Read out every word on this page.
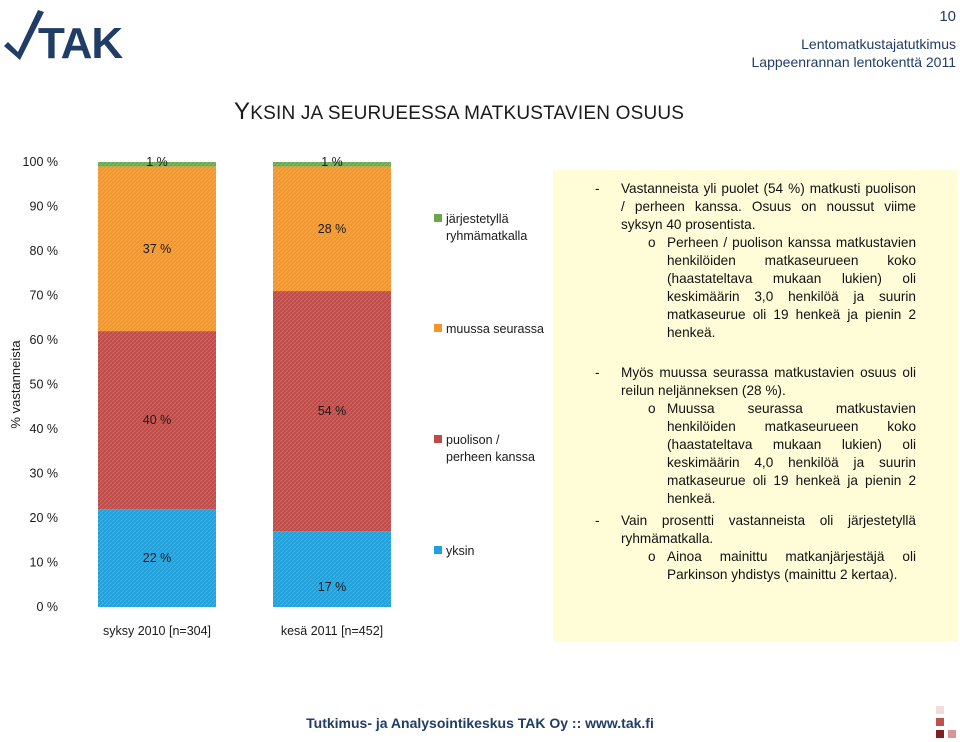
TAK
10
Lentomatkustajatutkimus
Lappeenrannan lentokenttä 2011
YKSIN JA SEURUEESSA MATKUSTAVIEN OSUUS
% vastanneista
0 %
10 %
20 %
30 %
40 %
50 %
60 %
70 %
80 %
90 %
100 %
22 %
40 %
37 %
1 %
syksy 2010 [n=304]
17 %
54 %
28 %
1 %
kesä 2011 [n=452]
järjestetyllä ryhmämatkalla
muussa seurassa
puolison / perheen kanssa
yksin
- Vastanneista yli puolet (54 %) matkusti puolison / perheen kanssa. Osuus on noussut viime syksyn 40 prosentista.
o Perheen / puolison kanssa matkustavien henkilöiden matkaseurueen koko (haastateltava mukaan lukien) oli keskimäärin 3,0 henkilöä ja suurin matkaseurue oli 19 henkeä ja pienin 2 henkeä.
- Myös muussa seurassa matkustavien osuus oli reilun neljänneksen (28 %).
o Muussa seurassa matkustavien henkilöiden matkaseurueen koko (haastateltava mukaan lukien) oli keskimäärin 4,0 henkilöä ja suurin matkaseurue oli 19 henkeä ja pienin 2 henkeä.
- Vain prosentti vastanneista oli järjestetyllä ryhmämatkalla.
o Ainoa mainittu matkanjärjestäjä oli Parkinson yhdistys (mainittu 2 kertaa).
Tutkimus- ja Analysointikeskus TAK Oy :: www.tak.fi
